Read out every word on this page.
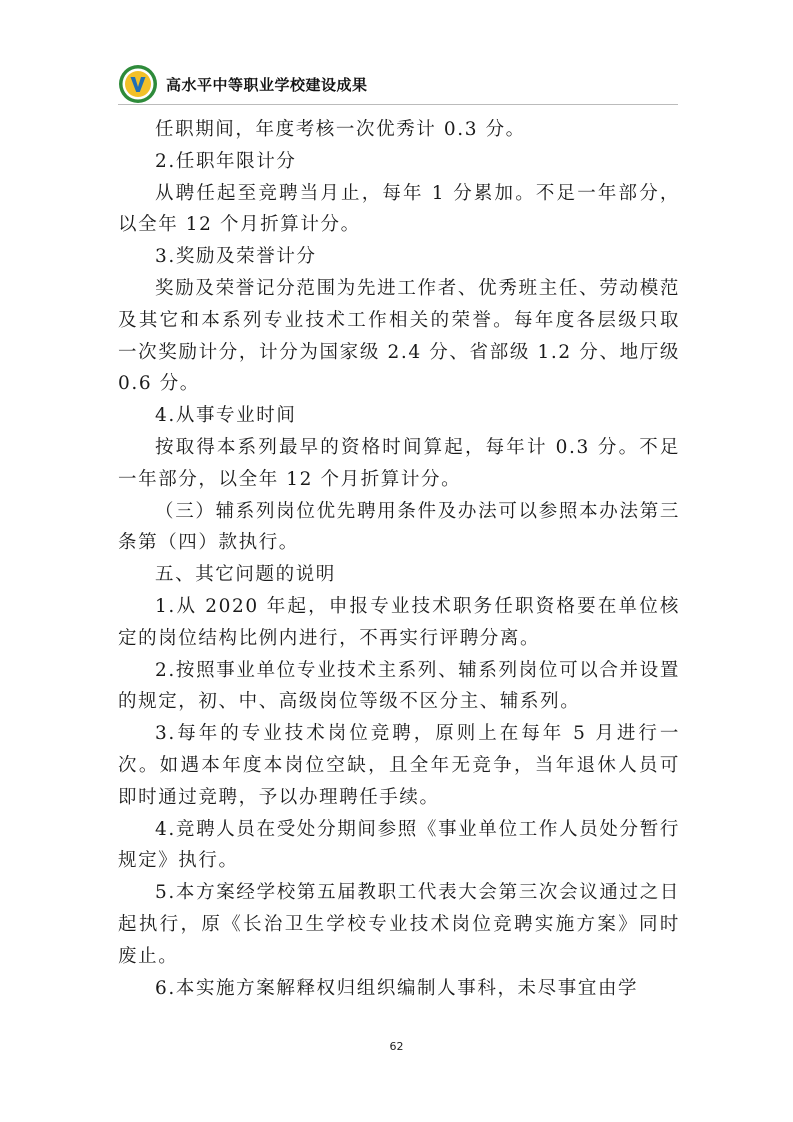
高水平中等职业学校建设成果

任职期间，年度考核一次优秀计 0.3 分。

2.任职年限计分

从聘任起至竞聘当月止，每年 1 分累加。不足一年部分，以全年 12 个月折算计分。

3.奖励及荣誉计分

奖励及荣誉记分范围为先进工作者、优秀班主任、劳动模范及其它和本系列专业技术工作相关的荣誉。每年度各层级只取一次奖励计分，计分为国家级 2.4 分、省部级 1.2 分、地厅级 0.6 分。

4.从事专业时间

按取得本系列最早的资格时间算起，每年计 0.3 分。不足一年部分，以全年 12 个月折算计分。

（三）辅系列岗位优先聘用条件及办法可以参照本办法第三条第（四）款执行。

五、其它问题的说明

1.从 2020 年起，申报专业技术职务任职资格要在单位核定的岗位结构比例内进行，不再实行评聘分离。

2.按照事业单位专业技术主系列、辅系列岗位可以合并设置的规定，初、中、高级岗位等级不区分主、辅系列。

3.每年的专业技术岗位竞聘，原则上在每年 5 月进行一次。如遇本年度本岗位空缺，且全年无竞争，当年退休人员可即时通过竞聘，予以办理聘任手续。

4.竞聘人员在受处分期间参照《事业单位工作人员处分暂行规定》执行。

5.本方案经学校第五届教职工代表大会第三次会议通过之日起执行，原《长治卫生学校专业技术岗位竞聘实施方案》同时废止。

6.本实施方案解释权归组织编制人事科，未尽事宜由学

62
